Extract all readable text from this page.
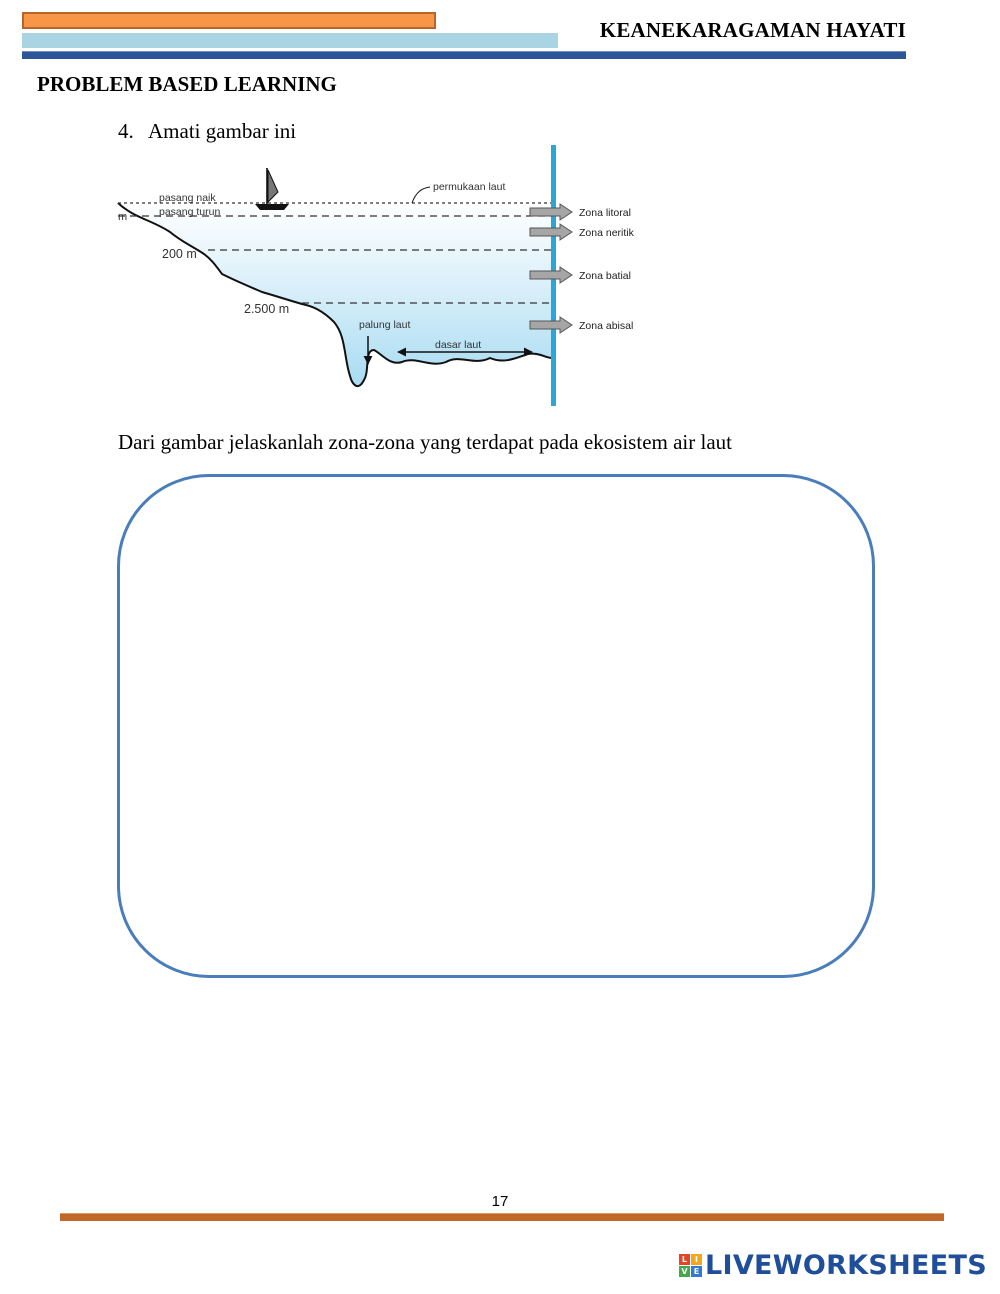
KEANEKARAGAMAN HAYATI
PROBLEM BASED LEARNING
4. Amati gambar ini
pasang naik
pasang turun
permukaan laut
m
200 m
2.500 m
palung laut
dasar laut
Zona litoral
Zona neritik
Zona batial
Zona abisal
Dari gambar jelaskanlah zona-zona yang terdapat pada ekosistem air laut
17
L I
V E LIVEWORKSHEETS
